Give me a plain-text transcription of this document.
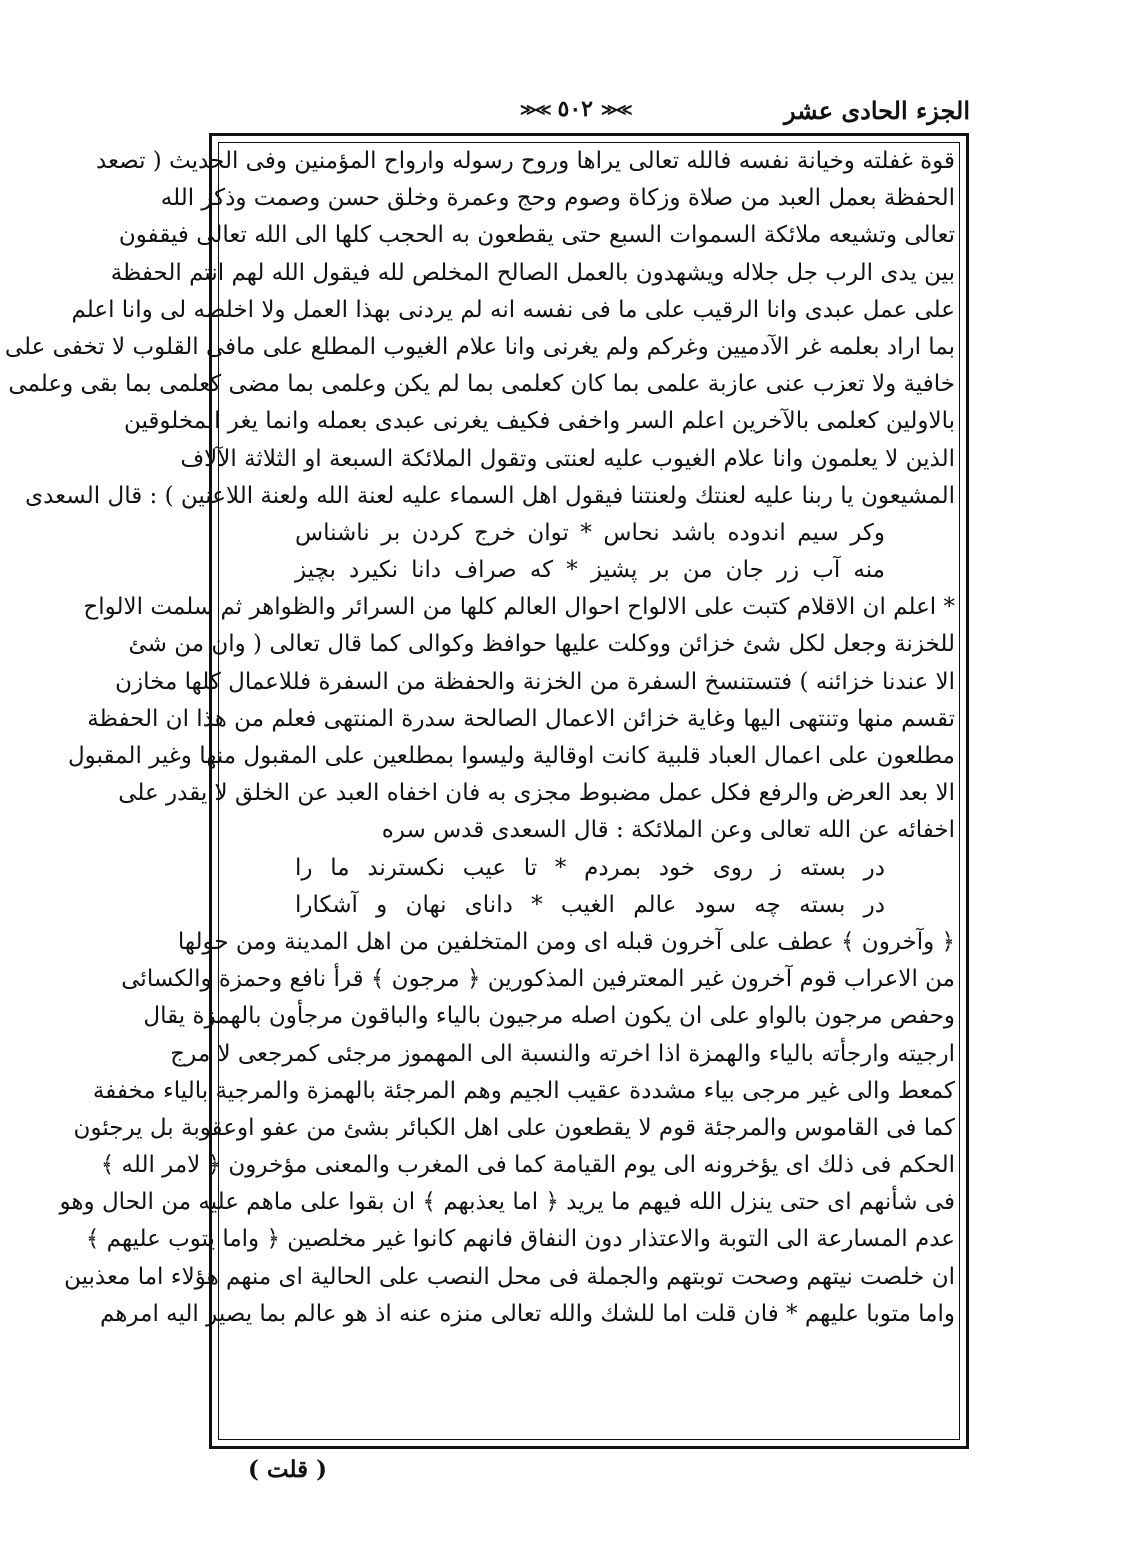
الجزء الحادى عشر
≫≪ ٥٠٢ ≫≪
قوة غفلته وخيانة نفسه فالله تعالى يراها وروح رسوله وارواح المؤمنين وفى الحديث ( تصعد
الحفظة بعمل العبد من صلاة وزكاة وصوم وحج وعمرة وخلق حسن وصمت وذكر الله
تعالى وتشيعه ملائكة السموات السبع حتى يقطعون به الحجب كلها الى الله تعالى فيقفون
بين يدى الرب جل جلاله ويشهدون بالعمل الصالح المخلص لله فيقول الله لهم انتم الحفظة
على عمل عبدى وانا الرقيب على ما فى نفسه انه لم يردنى بهذا العمل ولا اخلصه لى وانا اعلم
بما اراد بعلمه غر الآدميين وغركم ولم يغرنى وانا علام الغيوب المطلع على مافى القلوب لا تخفى على
خافية ولا تعزب عنى عازبة علمى بما كان كعلمى بما لم يكن وعلمى بما مضى كعلمى بما بقى وعلمى
بالاولين كعلمى بالآخرين اعلم السر واخفى فكيف يغرنى عبدى بعمله وانما يغر المخلوقين
الذين لا يعلمون وانا علام الغيوب عليه لعنتى وتقول الملائكة السبعة او الثلاثة الآلاف
المشيعون يا ربنا عليه لعنتك ولعنتنا فيقول اهل السماء عليه لعنة الله ولعنة اللاعنين ) : قال السعدى
وكر سيم اندوده باشد نحاس * توان خرج كردن بر ناشناس
منه آب زر جان من بر پشيز * كه صراف دانا نكيرد بچيز
* اعلم ان الاقلام كتبت على الالواح احوال العالم كلها من السرائر والظواهر ثم سلمت الالواح
للخزنة وجعل لكل شئ خزائن ووكلت عليها حوافظ وكوالى كما قال تعالى ( وان من شئ
الا عندنا خزائنه ) فتستنسخ السفرة من الخزنة والحفظة من السفرة فللاعمال كلها مخازن
تقسم منها وتنتهى اليها وغاية خزائن الاعمال الصالحة سدرة المنتهى فعلم من هذا ان الحفظة
مطلعون على اعمال العباد قلبية كانت اوقالية وليسوا بمطلعين على المقبول منها وغير المقبول
الا بعد العرض والرفع فكل عمل مضبوط مجزى به فان اخفاه العبد عن الخلق لا يقدر على
اخفائه عن الله تعالى وعن الملائكة : قال السعدى قدس سره
در بسته ز روى خود بمردم * تا عيب نكسترند ما را
در بسته چه سود عالم الغيب * داناى نهان و آشكارا
﴿ وآخرون ﴾ عطف على آخرون قبله اى ومن المتخلفين من اهل المدينة ومن حولها
من الاعراب قوم آخرون غير المعترفين المذكورين ﴿ مرجون ﴾ قرأ نافع وحمزة والكسائى
وحفص مرجون بالواو على ان يكون اصله مرجيون بالياء والباقون مرجأون بالهمزة يقال
ارجيته وارجأته بالياء والهمزة اذا اخرته والنسبة الى المهموز مرجئى كمرجعى لا مرج
كمعط والى غير مرجى بياء مشددة عقيب الجيم وهم المرجئة بالهمزة والمرجية بالياء مخففة
كما فى القاموس والمرجئة قوم لا يقطعون على اهل الكبائر بشئ من عفو اوعقوبة بل يرجئون
الحكم فى ذلك اى يؤخرونه الى يوم القيامة كما فى المغرب والمعنى مؤخرون ﴿ لامر الله ﴾
فى شأنهم اى حتى ينزل الله فيهم ما يريد ﴿ اما يعذبهم ﴾ ان بقوا على ماهم عليه من الحال وهو
عدم المسارعة الى التوبة والاعتذار دون النفاق فانهم كانوا غير مخلصين ﴿ واما يتوب عليهم ﴾
ان خلصت نيتهم وصحت توبتهم والجملة فى محل النصب على الحالية اى منهم هؤلاء اما معذبين
واما متوبا عليهم * فان قلت اما للشك والله تعالى منزه عنه اذ هو عالم بما يصير اليه امرهم
( قلت )
